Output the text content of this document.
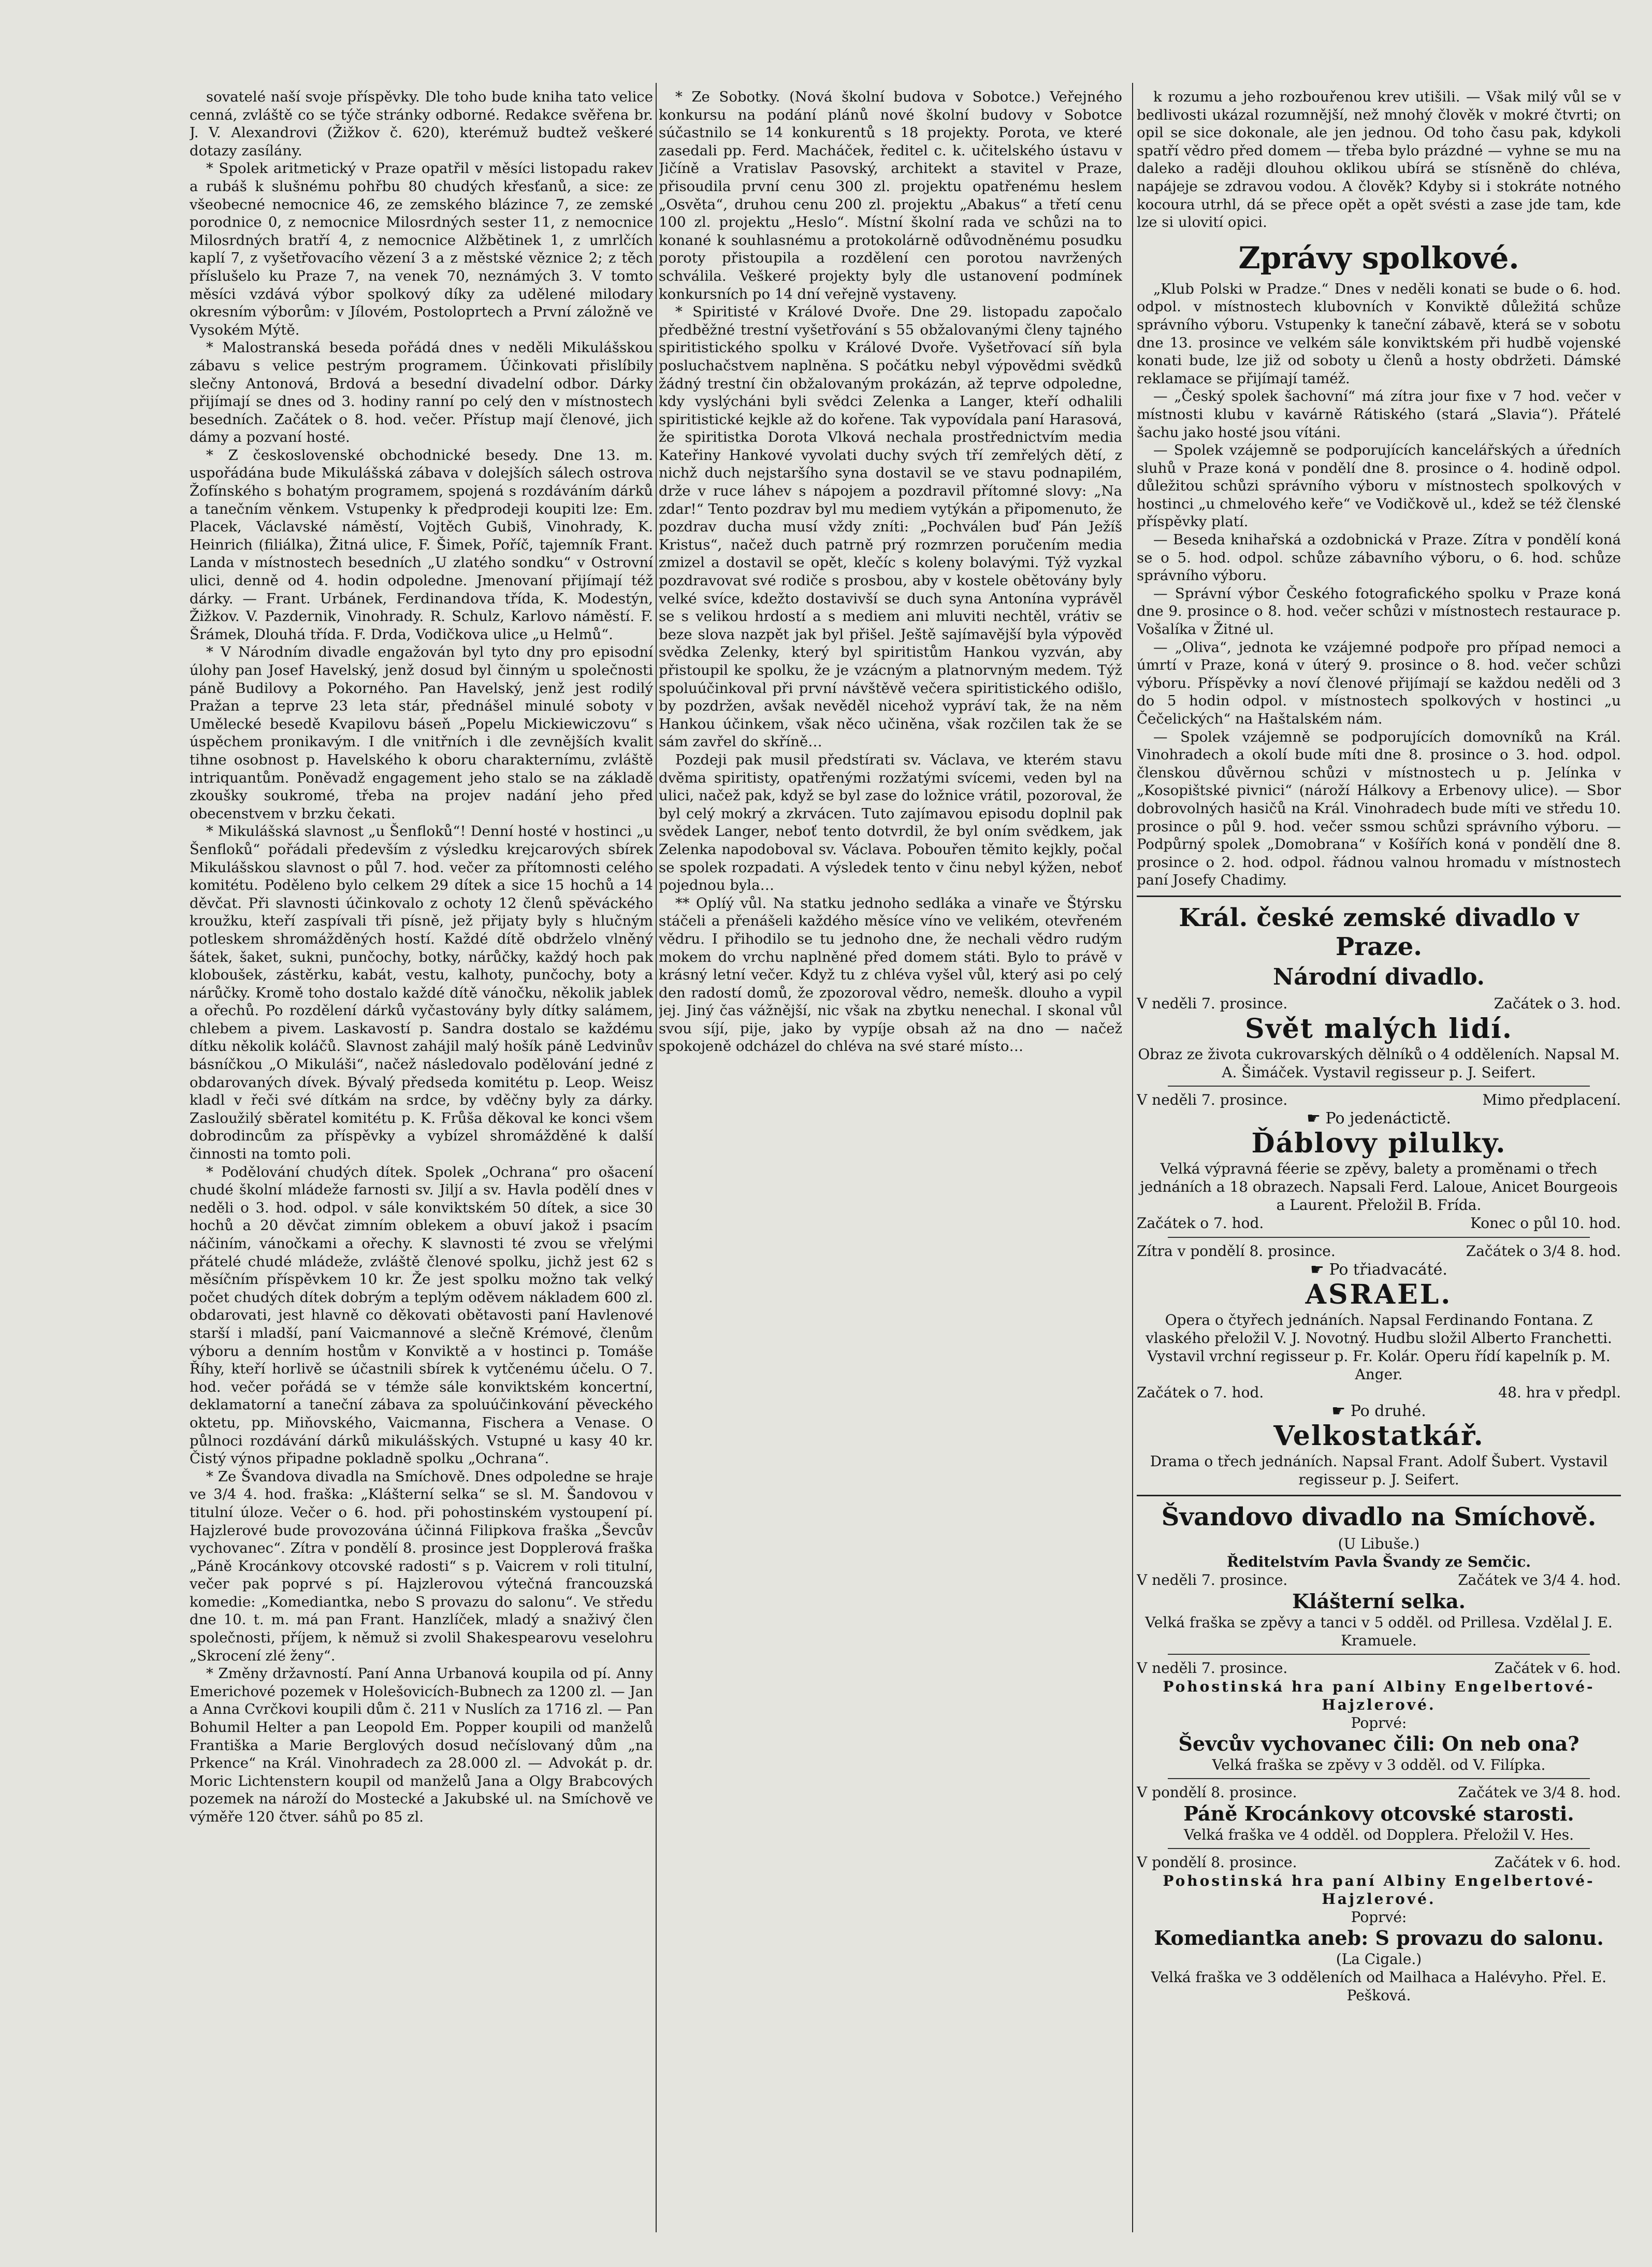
sovatelé naší svoje příspěvky. Dle toho bude kniha tato velice cenná, zvláště co se týče stránky odborné. Redakce svěřena br. J. V. Alexandrovi (Žižkov č. 620), kterémuž budtež veškeré dotazy zasílány.

* Spolek aritmetický v Praze opatřil v měsíci listopadu rakev a rubáš k slušnému pohřbu 80 chudých křesťanů, a sice: ze všeobecné nemocnice 46, ze zemského blázince 7, ze zemské porodnice 0, z nemocnice Milosrdných sester 11, z nemocnice Milosrdných bratří 4, z nemocnice Alžbětinek 1, z umrlčích kaplí 7, z vyšetřovacího vězení 3 a z městské věznice 2; z těch příslušelo ku Praze 7, na venek 70, neznámých 3. V tomto měsíci vzdává výbor spolkový díky za udělené milodary okresním výborům: v Jílovém, Postoloprtech a První záložně ve Vysokém Mýtě.

* Malostranská beseda pořádá dnes v neděli Mikulášskou zábavu s velice pestrým programem. Účinkovati přislíbily slečny Antonová, Brdová a besední divadelní odbor. Dárky přijímají se dnes od 3. hodiny ranní po celý den v místnostech besedních. Začátek o 8. hod. večer. Přístup mají členové, jich dámy a pozvaní hosté.

* Z československé obchodnické besedy. Dne 13. m. uspořádána bude Mikulášská zábava v dolejších sálech ostrova Žofínského s bohatým programem, spojená s rozdáváním dárků a tanečním věnkem. Vstupenky k předprodeji koupiti lze: Em. Placek, Václavské náměstí, Vojtěch Gubiš, Vinohrady, K. Heinrich (filiálka), Žitná ulice, F. Šimek, Poříč, tajemník Frant. Landa v místnostech besedních „U zlatého sondku“ v Ostrovní ulici, denně od 4. hodin odpoledne. Jmenovaní přijímají též dárky. — Frant. Urbánek, Ferdinandova třída, K. Modestýn, Žižkov. V. Pazdernik, Vinohrady. R. Schulz, Karlovo náměstí. F. Šrámek, Dlouhá třída. F. Drda, Vodičkova ulice „u Helmů“.

* V Národním divadle engažován byl tyto dny pro episodní úlohy pan Josef Havelský, jenž dosud byl činným u společnosti páně Budilovy a Pokorného. Pan Havelský, jenž jest rodilý Pražan a teprve 23 leta stár, přednášel minulé soboty v Umělecké besedě Kvapilovu báseň „Popelu Mickiewiczovu“ s úspěchem pronikavým. I dle vnitřních i dle zevnějších kvalit tihne osobnost p. Havelského k oboru charakternímu, zvláště intriquantům. Poněvadž engagement jeho stalo se na základě zkoušky soukromé, třeba na projev nadání jeho před obecenstvem v brzku čekati.

* Mikulášská slavnost „u Šenfloků“! Denní hosté v hostinci „u Šenfloků“ pořádali především z výsledku krejcarových sbírek Mikulášskou slavnost o půl 7. hod. večer za přítomnosti celého komitétu. Poděleno bylo celkem 29 dítek a sice 15 hochů a 14 děvčat. Při slavnosti účinkovalo z ochoty 12 členů spěváckého kroužku, kteří zaspívali tři písně, jež přijaty byly s hlučným potleskem shromážděných hostí. Každé dítě obdrželo vlněný šátek, šaket, sukni, punčochy, botky, nárůčky, každý hoch pak kloboušek, zástěrku, kabát, vestu, kalhoty, punčochy, boty a nárůčky. Kromě toho dostalo každé dítě vánočku, několik jablek a ořechů. Po rozdělení dárků vyčastovány byly dítky salámem, chlebem a pivem. Laskavostí p. Sandra dostalo se každému dítku několik koláčů. Slavnost zahájil malý hošík páně Ledvinův básníčkou „O Mikuláši“, načež následovalo podělování jedné z obdarovaných dívek. Bývalý předseda komitétu p. Leop. Weisz kladl v řeči své dítkám na srdce, by vděčny byly za dárky. Zasloužilý sběratel komitétu p. K. Frůša děkoval ke konci všem dobrodincům za příspěvky a vybízel shromážděné k další činnosti na tomto poli.

* Podělování chudých dítek. Spolek „Ochrana“ pro ošacení chudé školní mládeže farnosti sv. Jiljí a sv. Havla podělí dnes v neděli o 3. hod. odpol. v sále konviktském 50 dítek, a sice 30 hochů a 20 děvčat zimním oblekem a obuví jakož i psacím náčiním, vánočkami a ořechy. K slavnosti té zvou se vřelými přátelé chudé mládeže, zvláště členové spolku, jichž jest 62 s měsíčním příspěvkem 10 kr. Že jest spolku možno tak velký počet chudých dítek dobrým a teplým oděvem nákladem 600 zl. obdarovati, jest hlavně co děkovati obětavosti paní Havlenové starší i mladší, paní Vaicmannové a slečně Krémové, členům výboru a denním hostům v Konviktě a v hostinci p. Tomáše Říhy, kteří horlivě se účastnili sbírek k vytčenému účelu. O 7. hod. večer pořádá se v témže sále konviktském koncertní, deklamatorní a taneční zábava za spoluúčinkování pěveckého oktetu, pp. Miňovského, Vaicmanna, Fischera a Venase. O půlnoci rozdávání dárků mikulášských. Vstupné u kasy 40 kr. Čistý výnos připadne pokladně spolku „Ochrana“.

* Ze Švandova divadla na Smíchově. Dnes odpoledne se hraje ve 3/4 4. hod. fraška: „Klášterní selka“ se sl. M. Šandovou v titulní úloze. Večer o 6. hod. při pohostinském vystoupení pí. Hajzlerové bude provozována účinná Filipkova fraška „Ševcův vychovanec“. Zítra v pondělí 8. prosince jest Dopplerová fraška „Páně Krocánkovy otcovské radosti“ s p. Vaicrem v roli titulní, večer pak poprvé s pí. Hajzlerovou výtečná francouzská komedie: „Komediantka, nebo S provazu do salonu“. Ve středu dne 10. t. m. má pan Frant. Hanzlíček, mladý a snaživý člen společnosti, příjem, k němuž si zvolil Shakespearovu veselohru „Skrocení zlé ženy“.

* Změny državností. Paní Anna Urbanová koupila od pí. Anny Emerichové pozemek v Holešovicích-Bubnech za 1200 zl. — Jan a Anna Cvrčkovi koupili dům č. 211 v Nuslích za 1716 zl. — Pan Bohumil Helter a pan Leopold Em. Popper koupili od manželů Františka a Marie Berglových dosud nečíslovaný dům „na Prkence“ na Král. Vinohradech za 28.000 zl. — Advokát p. dr. Moric Lichtenstern koupil od manželů Jana a Olgy Brabcových pozemek na nároží do Mostecké a Jakubské ul. na Smíchově ve výměře 120 čtver. sáhů po 85 zl.

* Ze Sobotky. (Nová školní budova v Sobotce.) Veřejného konkursu na podání plánů nové školní budovy v Sobotce súčastnilo se 14 konkurentů s 18 projekty. Porota, ve které zasedali pp. Ferd. Macháček, ředitel c. k. učitelského ústavu v Jičíně a Vratislav Pasovský, architekt a stavitel v Praze, přisoudila první cenu 300 zl. projektu opatřenému heslem „Osvěta“, druhou cenu 200 zl. projektu „Abakus“ a třetí cenu 100 zl. projektu „Heslo“. Místní školní rada ve schůzi na to konané k souhlasnému a protokolárně odůvodněnému posudku poroty přistoupila a rozdělení cen porotou navržených schválila. Veškeré projekty byly dle ustanovení podmínek konkursních po 14 dní veřejně vystaveny.

* Spiritisté v Králové Dvoře. Dne 29. listopadu započalo předběžné trestní vyšetřování s 55 obžalovanými členy tajného spiritistického spolku v Králové Dvoře. Vyšetřovací síň byla posluchačstvem naplněna. S počátku nebyl výpovědmi svědků žádný trestní čin obžalovaným prokázán, až teprve odpoledne, kdy vyslýcháni byli svědci Zelenka a Langer, kteří odhalili spiritistické kejkle až do kořene. Tak vypovídala paní Harasová, že spiritistka Dorota Vlková nechala prostřednictvím media Kateřiny Hankové vyvolati duchy svých tří zemřelých dětí, z nichž duch nejstaršího syna dostavil se ve stavu podnapilém, drže v ruce láhev s nápojem a pozdravil přítomné slovy: „Na zdar!“ Tento pozdrav byl mu mediem vytýkán a připomenuto, že pozdrav ducha musí vždy zníti: „Pochválen buď Pán Ježíš Kristus“, načež duch patrně prý rozmrzen poručením media zmizel a dostavil se opět, klečíc s koleny bolavými. Týž vyzkal pozdravovat své rodiče s prosbou, aby v kostele obětovány byly velké svíce, kdežto dostavivší se duch syna Antonína vyprávěl se s velikou hrdostí a s mediem ani mluviti nechtěl, vrátiv se beze slova nazpět jak byl přišel. Ještě sajímavější byla výpověď svědka Zelenky, který byl spiritistům Hankou vyzván, aby přistoupil ke spolku, že je vzácným a platnorvným medem. Týž spoluúčinkoval při první návštěvě večera spiritistického odišlo, by pozdržen, avšak nevěděl nicehož vypráví tak, že na něm Hankou účinkem, však něco učiněna, však rozčilen tak že se sám zavřel do skříně…

Pozdeji pak musil předstírati sv. Václava, ve kterém stavu dvěma spiritisty, opatřenými rozžatými svícemi, veden byl na ulici, načež pak, když se byl zase do ložnice vrátil, pozoroval, že byl celý mokrý a zkrvácen. Tuto zajímavou episodu doplnil pak svědek Langer, neboť tento dotvrdil, že byl oním svědkem, jak Zelenka napodoboval sv. Václava. Pobouřen těmito kejkly, počal se spolek rozpadati. A výsledek tento v činu nebyl kýžen, neboť pojednou byla…

** Oplíý vůl. Na statku jednoho sedláka a vinaře ve Štýrsku stáčeli a přenášeli každého měsíce víno ve velikém, otevřeném vědru. I přihodilo se tu jednoho dne, že nechali vědro rudým mokem do vrchu naplněné před domem státi. Bylo to právě v krásný letní večer. Když tu z chléva vyšel vůl, který asi po celý den radostí domů, že zpozoroval vědro, nemešk. dlouho a vypil jej. Jiný čas vážnější, nic však na zbytku nenechal. I skonal vůl svou síjí, pije, jako by vypíje obsah až na dno — načež spokojeně odcházel do chléva na své staré místo…

k rozumu a jeho rozbouřenou krev utišili. — Však milý vůl se v bedlivosti ukázal rozumnější, než mnohý člověk v mokré čtvrti; on opil se sice dokonale, ale jen jednou. Od toho času pak, kdykoli spatří vědro před domem — třeba bylo prázdné — vyhne se mu na daleko a raději dlouhou oklikou ubírá se stísněně do chléva, napájeje se zdravou vodou. A člověk? Kdyby si i stokráte notného kocoura utrhl, dá se přece opět a opět svésti a zase jde tam, kde lze si ulovití opici.

Zprávy spolkové.

„Klub Polski w Pradze.“ Dnes v neděli konati se bude o 6. hod. odpol. v místnostech klubovních v Konviktě důležitá schůze správního výboru. Vstupenky k taneční zábavě, která se v sobotu dne 13. prosince ve velkém sále konviktském při hudbě vojenské konati bude, lze již od soboty u členů a hosty obdržeti. Dámské reklamace se přijímají taméž.

— „Český spolek šachovní“ má zítra jour fixe v 7 hod. večer v místnosti klubu v kavárně Rátiského (stará „Slavia“). Přátelé šachu jako hosté jsou vítáni.

— Spolek vzájemně se podporujících kancelářských a úředních sluhů v Praze koná v pondělí dne 8. prosince o 4. hodině odpol. důležitou schůzi správního výboru v místnostech spolkových v hostinci „u chmelového keře“ ve Vodičkově ul., kdež se též členské příspěvky platí.

— Beseda knihařská a ozdobnická v Praze. Zítra v pondělí koná se o 5. hod. odpol. schůze zábavního výboru, o 6. hod. schůze správního výboru.

— Správní výbor Českého fotografického spolku v Praze koná dne 9. prosince o 8. hod. večer schůzi v místnostech restaurace p. Vošalíka v Žitné ul.

— „Oliva“, jednota ke vzájemné podpoře pro případ nemoci a úmrtí v Praze, koná v úterý 9. prosince o 8. hod. večer schůzi výboru. Příspěvky a noví členové přijímají se každou neděli od 3 do 5 hodin odpol. v místnostech spolkových v hostinci „u Čečelických“ na Haštalském nám.

— Spolek vzájemně se podporujících domovníků na Král. Vinohradech a okolí bude míti dne 8. prosince o 3. hod. odpol. členskou důvěrnou schůzi v místnostech u p. Jelínka v „Kosopištské pivnici“ (nároží Hálkovy a Erbenovy ulice). — Sbor dobrovolných hasičů na Král. Vinohradech bude míti ve středu 10. prosince o půl 9. hod. večer ssmou schůzi správního výboru. — Podpůrný spolek „Domobrana“ v Košířích koná v pondělí dne 8. prosince o 2. hod. odpol. řádnou valnou hromadu v místnostech paní Josefy Chadimy.

Král. české zemské divadlo v Praze.
Národní divadlo.
V neděli 7. prosince.	Začátek o 3. hod.
Svět malých lidí.
Obraz ze života cukrovarských dělníků o 4 odděleních. Napsal M. A. Šimáček. Vystavil regisseur p. J. Seifert.
V neděli 7. prosince.	Mimo předplacení.
☛ Po jedenáctictě.
Ďáblovy pilulky.
Velká výpravná féerie se zpěvy, balety a proměnami o třech jednáních a 18 obrazech. Napsali Ferd. Laloue, Anicet Bourgeois a Laurent. Přeložil B. Frída.
Začátek o 7. hod.	Konec o půl 10. hod.
Zítra v pondělí 8. prosince.	Začátek o 3/4 8. hod.
☛ Po třiadvacáté.
ASRAEL.
Opera o čtyřech jednáních. Napsal Ferdinando Fontana. Z vlaského přeložil V. J. Novotný. Hudbu složil Alberto Franchetti. Vystavil vrchní regisseur p. Fr. Kolár. Operu řídí kapelník p. M. Anger.
Začátek o 7. hod.	48. hra v předpl.
☛ Po druhé.
Velkostatkář.
Drama o třech jednáních. Napsal Frant. Adolf Šubert. Vystavil regisseur p. J. Seifert.
Švandovo divadlo na Smíchově.
(U Libuše.)
Ředitelstvím Pavla Švandy ze Semčic.
V neděli 7. prosince.	Začátek ve 3/4 4. hod.
Klášterní selka.
Velká fraška se zpěvy a tanci v 5 odděl. od Prillesa. Vzdělal J. E. Kramuele.
V neděli 7. prosince.	Začátek v 6. hod.
Pohostinská hra paní Albiny Engelbertové-Hajzlerové.
Poprvé:
Ševcův vychovanec čili: On neb ona?
Velká fraška se zpěvy v 3 odděl. od V. Filípka.
V pondělí 8. prosince.	Začátek ve 3/4 8. hod.
Páně Krocánkovy otcovské starosti.
Velká fraška ve 4 odděl. od Dopplera. Přeložil V. Hes.
V pondělí 8. prosince.	Začátek v 6. hod.
Pohostinská hra paní Albiny Engelbertové-Hajzlerové.
Poprvé:
Komediantka aneb: S provazu do salonu.
(La Cigale.)
Velká fraška ve 3 odděleních od Mailhaca a Halévyho. Přel. E. Pešková.
